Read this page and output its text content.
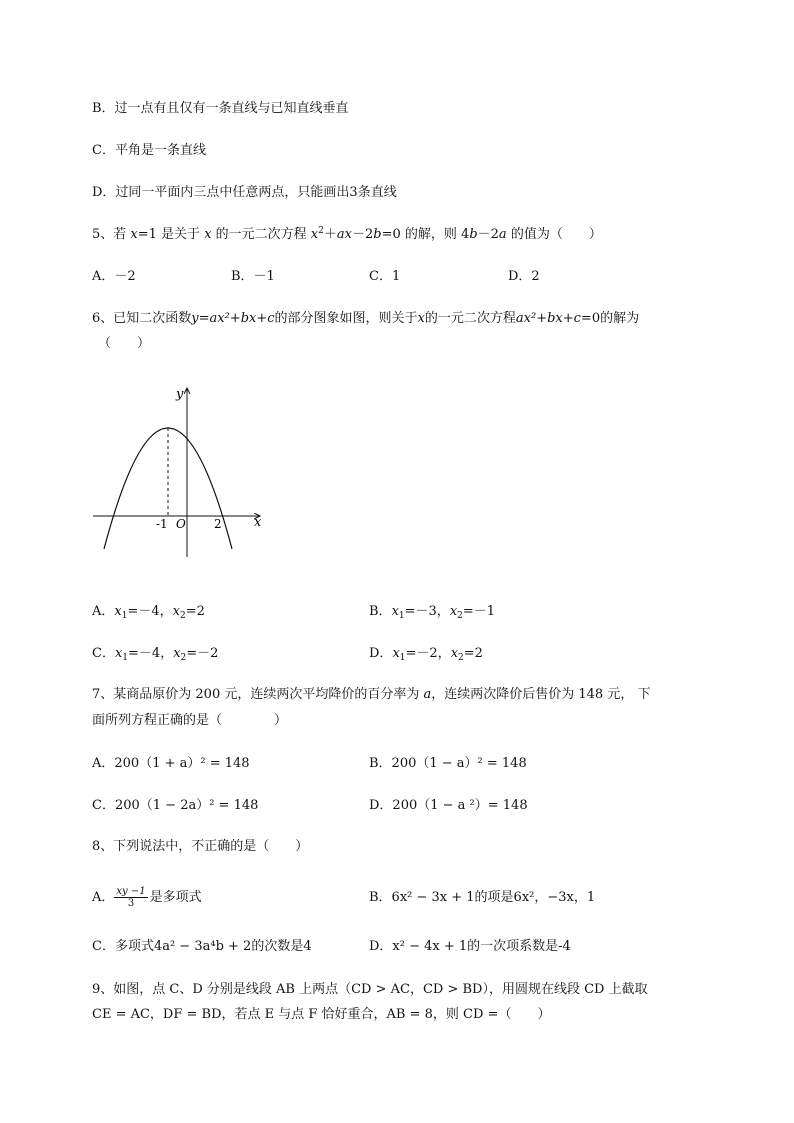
B．过一点有且仅有一条直线与已知直线垂直
C．平角是一条直线
D．过同一平面内三点中任意两点，只能画出3条直线
5、若 x=1 是关于 x 的一元二次方程 $x^2+ax-2b=0$ 的解，则 4b－2a 的值为（　　）
A．－2	B．－1	C．1	D．2
6、已知二次函数y=ax²+bx+c的部分图象如图，则关于x的一元二次方程ax²+bx+c=0的解为
（　　）
y
x
O
-1	2
A．$x_1=-4$，$x_2=2$	B．$x_1=-3$，$x_2=-1$
C．$x_1=-4$，$x_2=-2$	D．$x_1=-2$，$x_2=2$
7、某商品原价为 200 元，连续两次平均降价的百分率为 a，连续两次降价后售价为 148 元， 下
面所列方程正确的是（　　　　）
A．200（1 + a）² = 148	B．200（1 − a）² = 148
C．200（1 − 2a）² = 148	D．200（1 − a ²）= 148
8、下列说法中，不正确的是（　　）
A． $\frac{xy -1}{3}$ 是多项式	B．6x² − 3x + 1的项是6x²，−3x，1
C．多项式4a² − 3a⁴b + 2的次数是4	D．x² − 4x + 1的一次项系数是-4
9、如图，点 C、D 分别是线段 AB 上两点（CD > AC，CD > BD），用圆规在线段 CD 上截取
CE = AC，DF = BD，若点 E 与点 F 恰好重合，AB = 8，则 CD =（　　）
